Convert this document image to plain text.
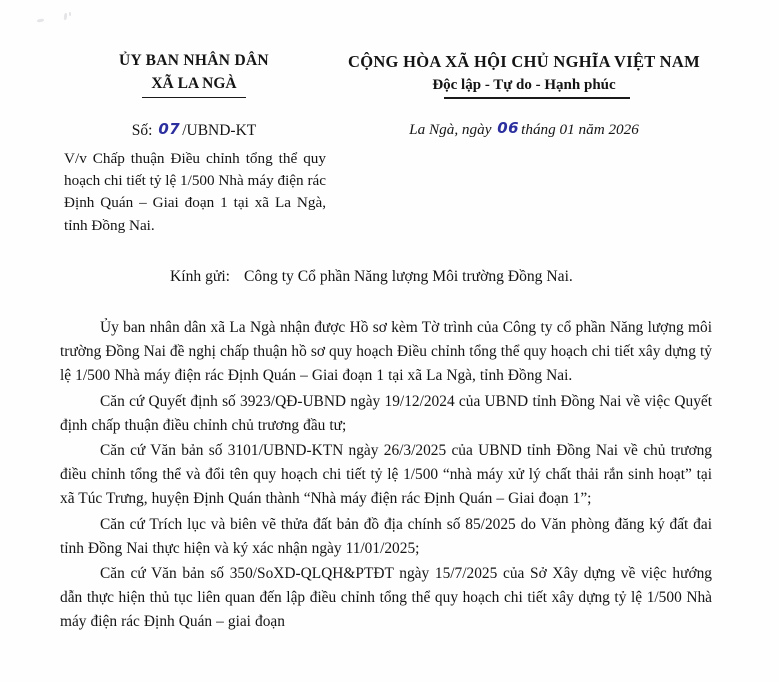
ỦY BAN NHÂN DÂN
XÃ LA NGÀ
CỘNG HÒA XÃ HỘI CHỦ NGHĨA VIỆT NAM
Độc lập - Tự do - Hạnh phúc
Số: 07 /UBND-KT
V/v Chấp thuận Điều chỉnh tổng thể quy hoạch chi tiết tỷ lệ 1/500 Nhà máy điện rác Định Quán – Giai đoạn 1 tại xã La Ngà, tỉnh Đồng Nai.
La Ngà, ngày 06 tháng 01 năm 2026
Kính gửi: Công ty Cổ phần Năng lượng Môi trường Đồng Nai.

Ủy ban nhân dân xã La Ngà nhận được Hồ sơ kèm Tờ trình của Công ty cổ phần Năng lượng môi trường Đồng Nai đề nghị chấp thuận hồ sơ quy hoạch Điều chỉnh tổng thể quy hoạch chi tiết xây dựng tỷ lệ 1/500 Nhà máy điện rác Định Quán – Giai đoạn 1 tại xã La Ngà, tỉnh Đồng Nai.

Căn cứ Quyết định số 3923/QĐ-UBND ngày 19/12/2024 của UBND tỉnh Đồng Nai về việc Quyết định chấp thuận điều chỉnh chủ trương đầu tư;

Căn cứ Văn bản số 3101/UBND-KTN ngày 26/3/2025 của UBND tỉnh Đồng Nai về chủ trương điều chỉnh tổng thể và đổi tên quy hoạch chi tiết tỷ lệ 1/500 “nhà máy xử lý chất thải rắn sinh hoạt” tại xã Túc Trưng, huyện Định Quán thành “Nhà máy điện rác Định Quán – Giai đoạn 1”;

Căn cứ Trích lục và biên vẽ thửa đất bản đồ địa chính số 85/2025 do Văn phòng đăng ký đất đai tỉnh Đồng Nai thực hiện và ký xác nhận ngày 11/01/2025;

Căn cứ Văn bản số 350/SoXD-QLQH&PTĐT ngày 15/7/2025 của Sở Xây dựng về việc hướng dẫn thực hiện thủ tục liên quan đến lập điều chỉnh tổng thể quy hoạch chi tiết xây dựng tỷ lệ 1/500 Nhà máy điện rác Định Quán – giai đoạn
